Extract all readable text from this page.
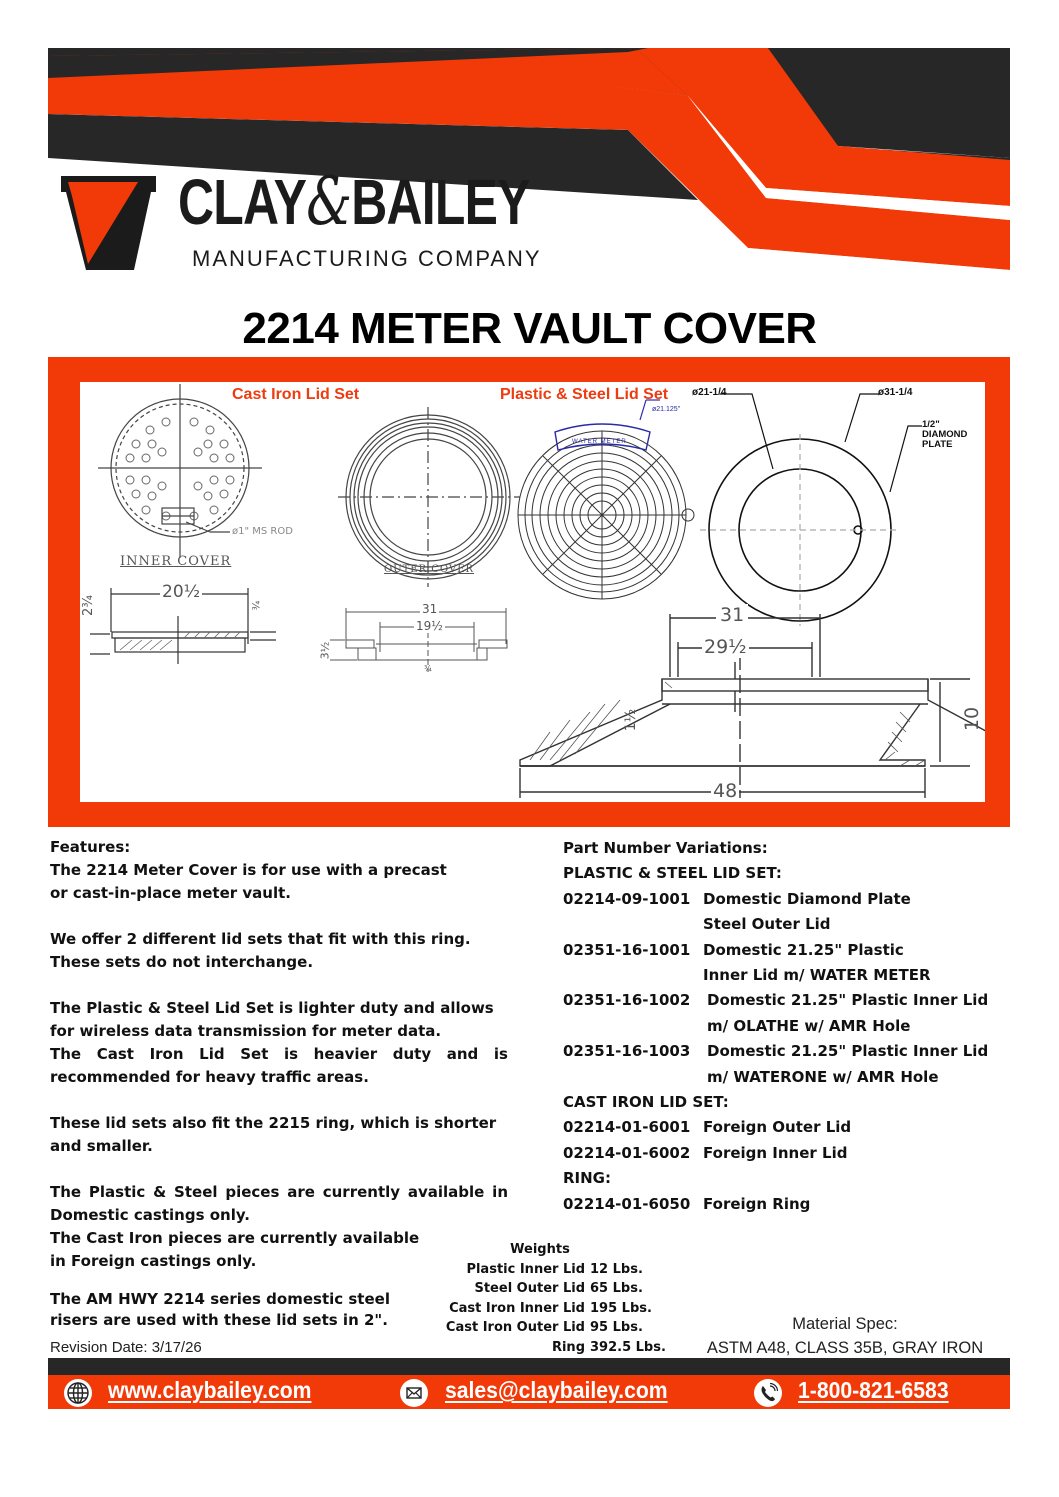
CLAY&BAILEY
MANUFACTURING COMPANY
2214 METER VAULT COVER
Cast Iron Lid Set	Plastic & Steel Lid Set
INNER COVER
OUTER COVER
ø1" MS ROD
ø21-1/4	ø31-1/4
ø21.125"
WATER METER
1/2"
DIAMOND
PLATE
20½
2¾	¾	31
19½
3½
¾
31
29½
1½	10
48

Features:

The 2214 Meter Cover is for use with a precast or cast-in-place meter vault.

We offer 2 different lid sets that fit with this ring. These sets do not interchange.

The Plastic & Steel Lid Set is lighter duty and allows for wireless data transmission for meter data.

The Cast Iron Lid Set is heavier duty and is recommended for heavy traffic areas.

These lid sets also fit the 2215 ring, which is shorter and smaller.

The Plastic & Steel pieces are currently available in Domestic castings only.

The Cast Iron pieces are currently available in Foreign castings only.

The AM HWY 2214 series domestic steel risers are used with these lid sets in 2".

Part Number Variations:
PLASTIC & STEEL LID SET:
02214-09-1001 Domestic Diamond Plate
Steel Outer Lid
02351-16-1001 Domestic 21.25" Plastic
Inner Lid m/ WATER METER
02351-16-1002	Domestic 21.25" Plastic Inner Lid
m/ OLATHE w/ AMR Hole
02351-16-1003	Domestic 21.25" Plastic Inner Lid
m/ WATERONE w/ AMR Hole
CAST IRON LID SET:
02214-01-6001 Foreign Outer Lid
02214-01-6002 Foreign Inner Lid
RING:
02214-01-6050 Foreign Ring
Weights
Plastic Inner Lid 12 Lbs.
Steel Outer Lid 65 Lbs.
Cast Iron Inner Lid 195 Lbs.
Cast Iron Outer Lid 95 Lbs.
Ring 392.5 Lbs.
Material Spec:
ASTM A48, CLASS 35B, GRAY IRON
Revision Date: 3/17/26
www.claybailey.com	sales@claybailey.com	1-800-821-6583
